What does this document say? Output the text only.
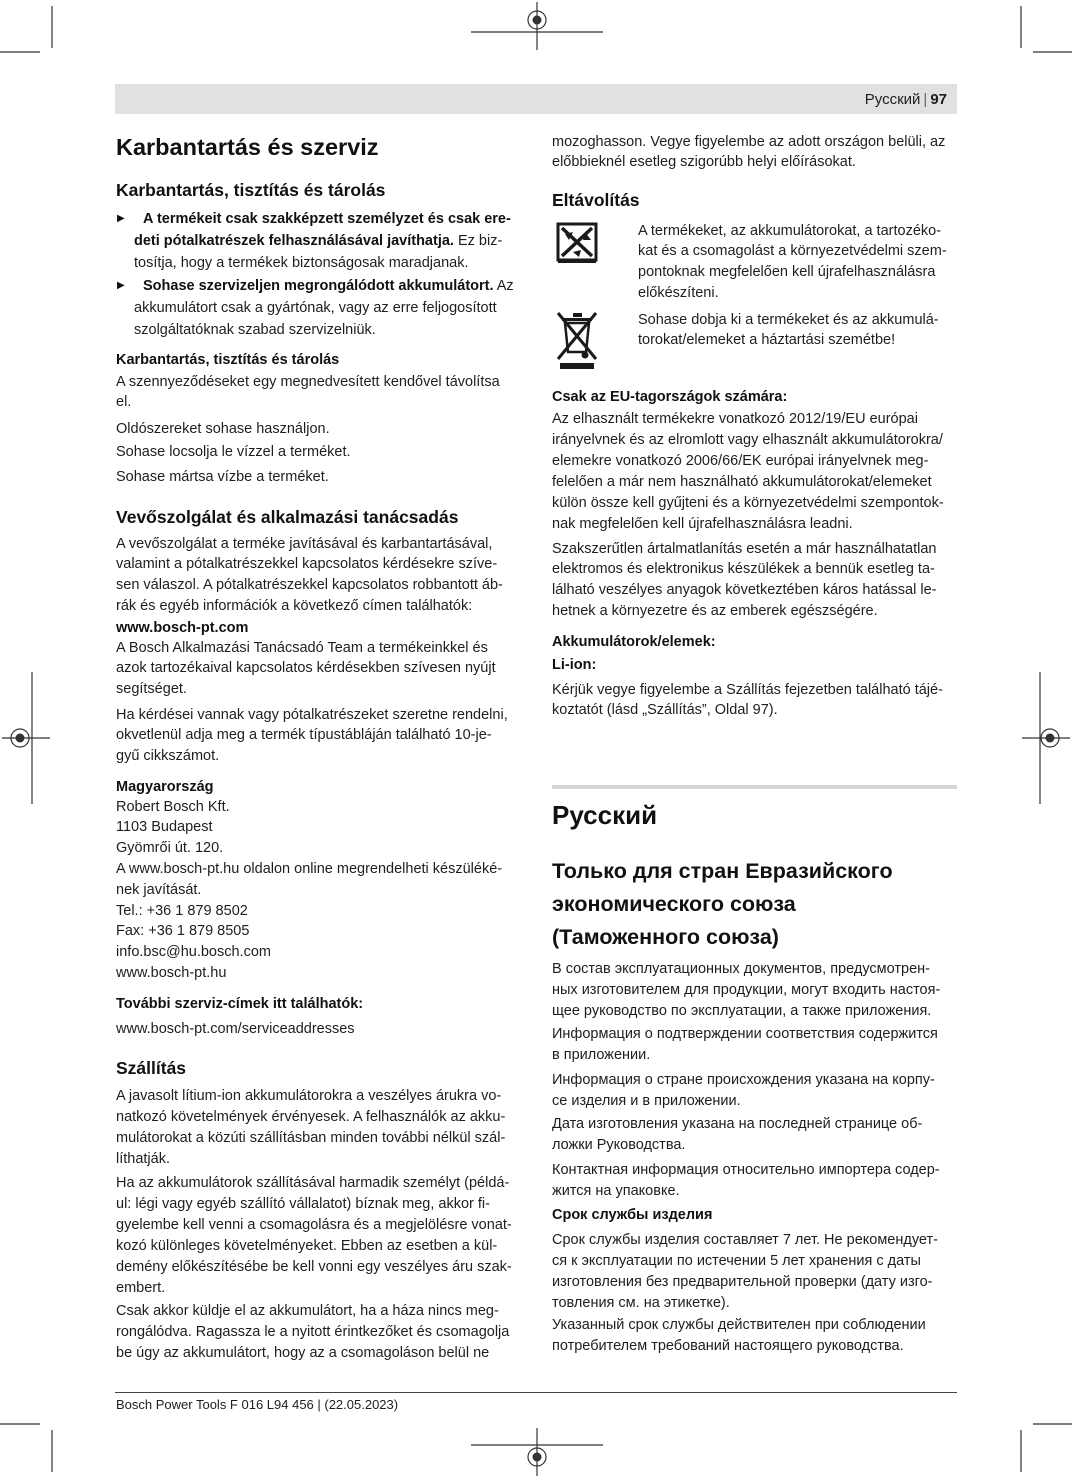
Русский | 97
Karbantartás és szerviz
Karbantartás, tisztítás és tárolás
▶	A termékeit csak szakképzett személyzet és csak ere-
deti pótalkatrészek felhasználásával javíthatja. Ez biz-
tosítja, hogy a termékek biztonságosak maradjanak.
▶	Sohase szervizeljen megrongálódott akkumulátort. Az
akkumulátort csak a gyártónak, vagy az erre feljogosított
szolgáltatóknak szabad szervizelniük.
Karbantartás, tisztítás és tárolás
A szennyeződéseket egy megnedvesített kendővel távolítsa
el.
Oldószereket sohase használjon.
Sohase locsolja le vízzel a terméket.
Sohase mártsa vízbe a terméket.
Vevőszolgálat és alkalmazási tanácsadás
A vevőszolgálat a terméke javításával és karbantartásával,
valamint a pótalkatrészekkel kapcsolatos kérdésekre szíve-
sen válaszol. A pótalkatrészekkel kapcsolatos robbantott áb-
rák és egyéb információk a következő címen találhatók:
www.bosch-pt.com
A Bosch Alkalmazási Tanácsadó Team a termékeinkkel és
azok tartozékaival kapcsolatos kérdésekben szívesen nyújt
segítséget.
Ha kérdései vannak vagy pótalkatrészeket szeretne rendelni,
okvetlenül adja meg a termék típustábláján található 10-je-
gyű cikkszámot.
Magyarország
Robert Bosch Kft.
1103 Budapest
Gyömrői út. 120.
A www.bosch-pt.hu oldalon online megrendelheti készüléké-
nek javítását.
Tel.: +36 1 879 8502
Fax: +36 1 879 8505
info.bsc@hu.bosch.com
www.bosch-pt.hu
További szerviz-címek itt találhatók:
www.bosch-pt.com/serviceaddresses
Szállítás
A javasolt lítium-ion akkumulátorokra a veszélyes árukra vo-
natkozó követelmények érvényesek. A felhasználók az akku-
mulátorokat a közúti szállításban minden további nélkül szál-
líthatják.
Ha az akkumulátorok szállításával harmadik személyt (példá-
ul: légi vagy egyéb szállító vállalatot) bíznak meg, akkor fi-
gyelembe kell venni a csomagolásra és a megjelölésre vonat-
kozó különleges követelményeket. Ebben az esetben a kül-
demény előkészítésébe be kell vonni egy veszélyes áru szak-
embert.
Csak akkor küldje el az akkumulátort, ha a háza nincs meg-
rongálódva. Ragassza le a nyitott érintkezőket és csomagolja
be úgy az akkumulátort, hogy az a csomagoláson belül ne
mozoghasson. Vegye figyelembe az adott országon belüli, az
előbbieknél esetleg szigorúbb helyi előírásokat.
Eltávolítás
A termékeket, az akkumulátorokat, a tartozéko-
kat és a csomagolást a környezetvédelmi szem-
pontoknak megfelelően kell újrafelhasználásra
előkészíteni.
Sohase dobja ki a termékeket és az akkumulá-
torokat/elemeket a háztartási szemétbe!
Csak az EU-tagországok számára:
Az elhasznált termékekre vonatkozó 2012/19/EU európai
irányelvnek és az elromlott vagy elhasznált akkumulátorokra/
elemekre vonatkozó 2006/66/EK európai irányelvnek meg-
felelően a már nem használható akkumulátorokat/elemeket
külön össze kell gyűjteni és a környezetvédelmi szempontok-
nak megfelelően kell újrafelhasználásra leadni.
Szakszerűtlen ártalmatlanítás esetén a már használhatatlan
elektromos és elektronikus készülékek a bennük esetleg ta-
lálható veszélyes anyagok következtében káros hatással le-
hetnek a környezetre és az emberek egészségére.
Akkumulátorok/elemek:
Li-ion:
Kérjük vegye figyelembe a Szállítás fejezetben található tájé-
koztatót (lásd „Szállítás”, Oldal 97).
Русский
Только для стран Евразийского
экономического союза
(Таможенного союза)
В состав эксплуатационных документов, предусмотрен-
ных изготовителем для продукции, могут входить настоя-
щее руководство по эксплуатации, а также приложения.
Информация о подтверждении соответствия содержится
в приложении.
Информация о стране происхождения указана на корпу-
се изделия и в приложении.
Дата изготовления указана на последней странице об-
ложки Руководства.
Контактная информация относительно импортера содер-
жится на упаковке.
Срок службы изделия
Срок службы изделия составляет 7 лет. Не рекомендует-
ся к эксплуатации по истечении 5 лет хранения с даты
изготовления без предварительной проверки (дату изго-
товления см. на этикетке).
Указанный срок службы действителен при соблюдении
потребителем требований настоящего руководства.
Bosch Power Tools F 016 L94 456 | (22.05.2023)
